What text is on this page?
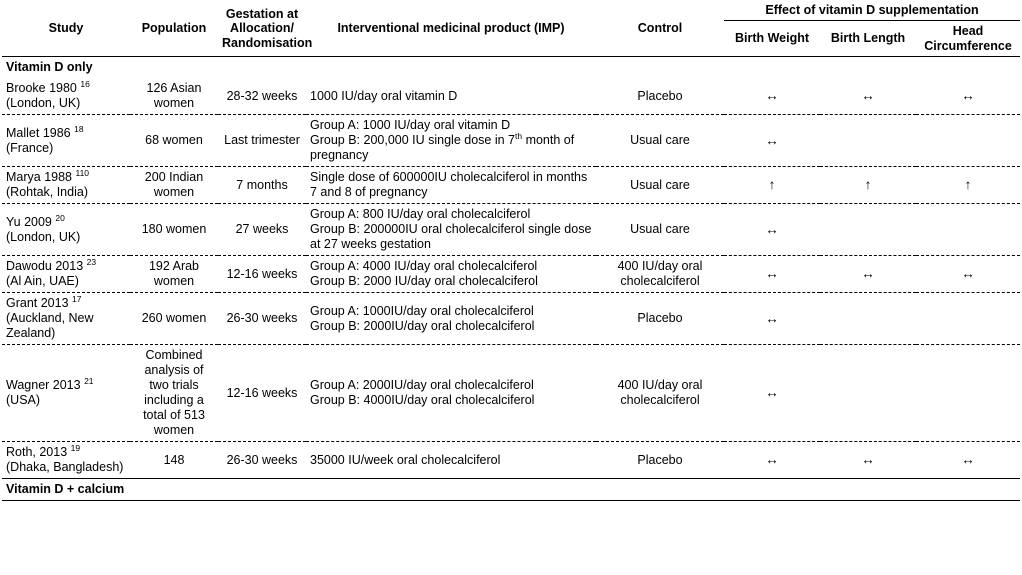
Study	Population	Gestation at Allocation/ Randomisation	Interventional medicinal product (IMP)	Control	Effect of vitamin D supplementation		
					Birth Weight	Birth Length	Head Circumference
Vitamin D only							
Brooke 1980 $^{16}$
(London, UK)	126 Asian women	28-32 weeks	1000 IU/day oral vitamin D	Placebo	↔	↔	↔
Mallet 1986 $^{18}$
(France)	68 women	Last trimester	Group A: 1000 IU/day oral vitamin D
Group B: 200,000 IU single dose in 7th month of pregnancy	Usual care	↔		
Marya 1988 $^{110}$
(Rohtak, India)	200 Indian women	7 months	Single dose of 600000IU cholecalciferol in months 7 and 8 of pregnancy	Usual care	↑	↑	↑
Yu 2009 $^{20}$
(London, UK)	180 women	27 weeks	Group A: 800 IU/day oral cholecalciferol
Group B: 200000IU oral cholecalciferol single dose at 27 weeks gestation	Usual care	↔		
Dawodu 2013 $^{23}$
(Al Ain, UAE)	192 Arab women	12-16 weeks	Group A: 4000 IU/day oral cholecalciferol
Group B: 2000 IU/day oral cholecalciferol	400 IU/day oral cholecalciferol	↔	↔	↔
Grant 2013 $^{17}$
(Auckland, New Zealand)	260 women	26-30 weeks	Group A: 1000IU/day oral cholecalciferol
Group B: 2000IU/day oral cholecalciferol	Placebo	↔		
Wagner 2013 $^{21}$
(USA)	Combined analysis of two trials including a total of 513 women	12-16 weeks	Group A: 2000IU/day oral cholecalciferol
Group B: 4000IU/day oral cholecalciferol	400 IU/day oral cholecalciferol	↔		
Roth, 2013 $^{19}$
(Dhaka, Bangladesh)	148	26-30 weeks	35000 IU/week oral cholecalciferol	Placebo	↔	↔	↔
Vitamin D + calcium							
